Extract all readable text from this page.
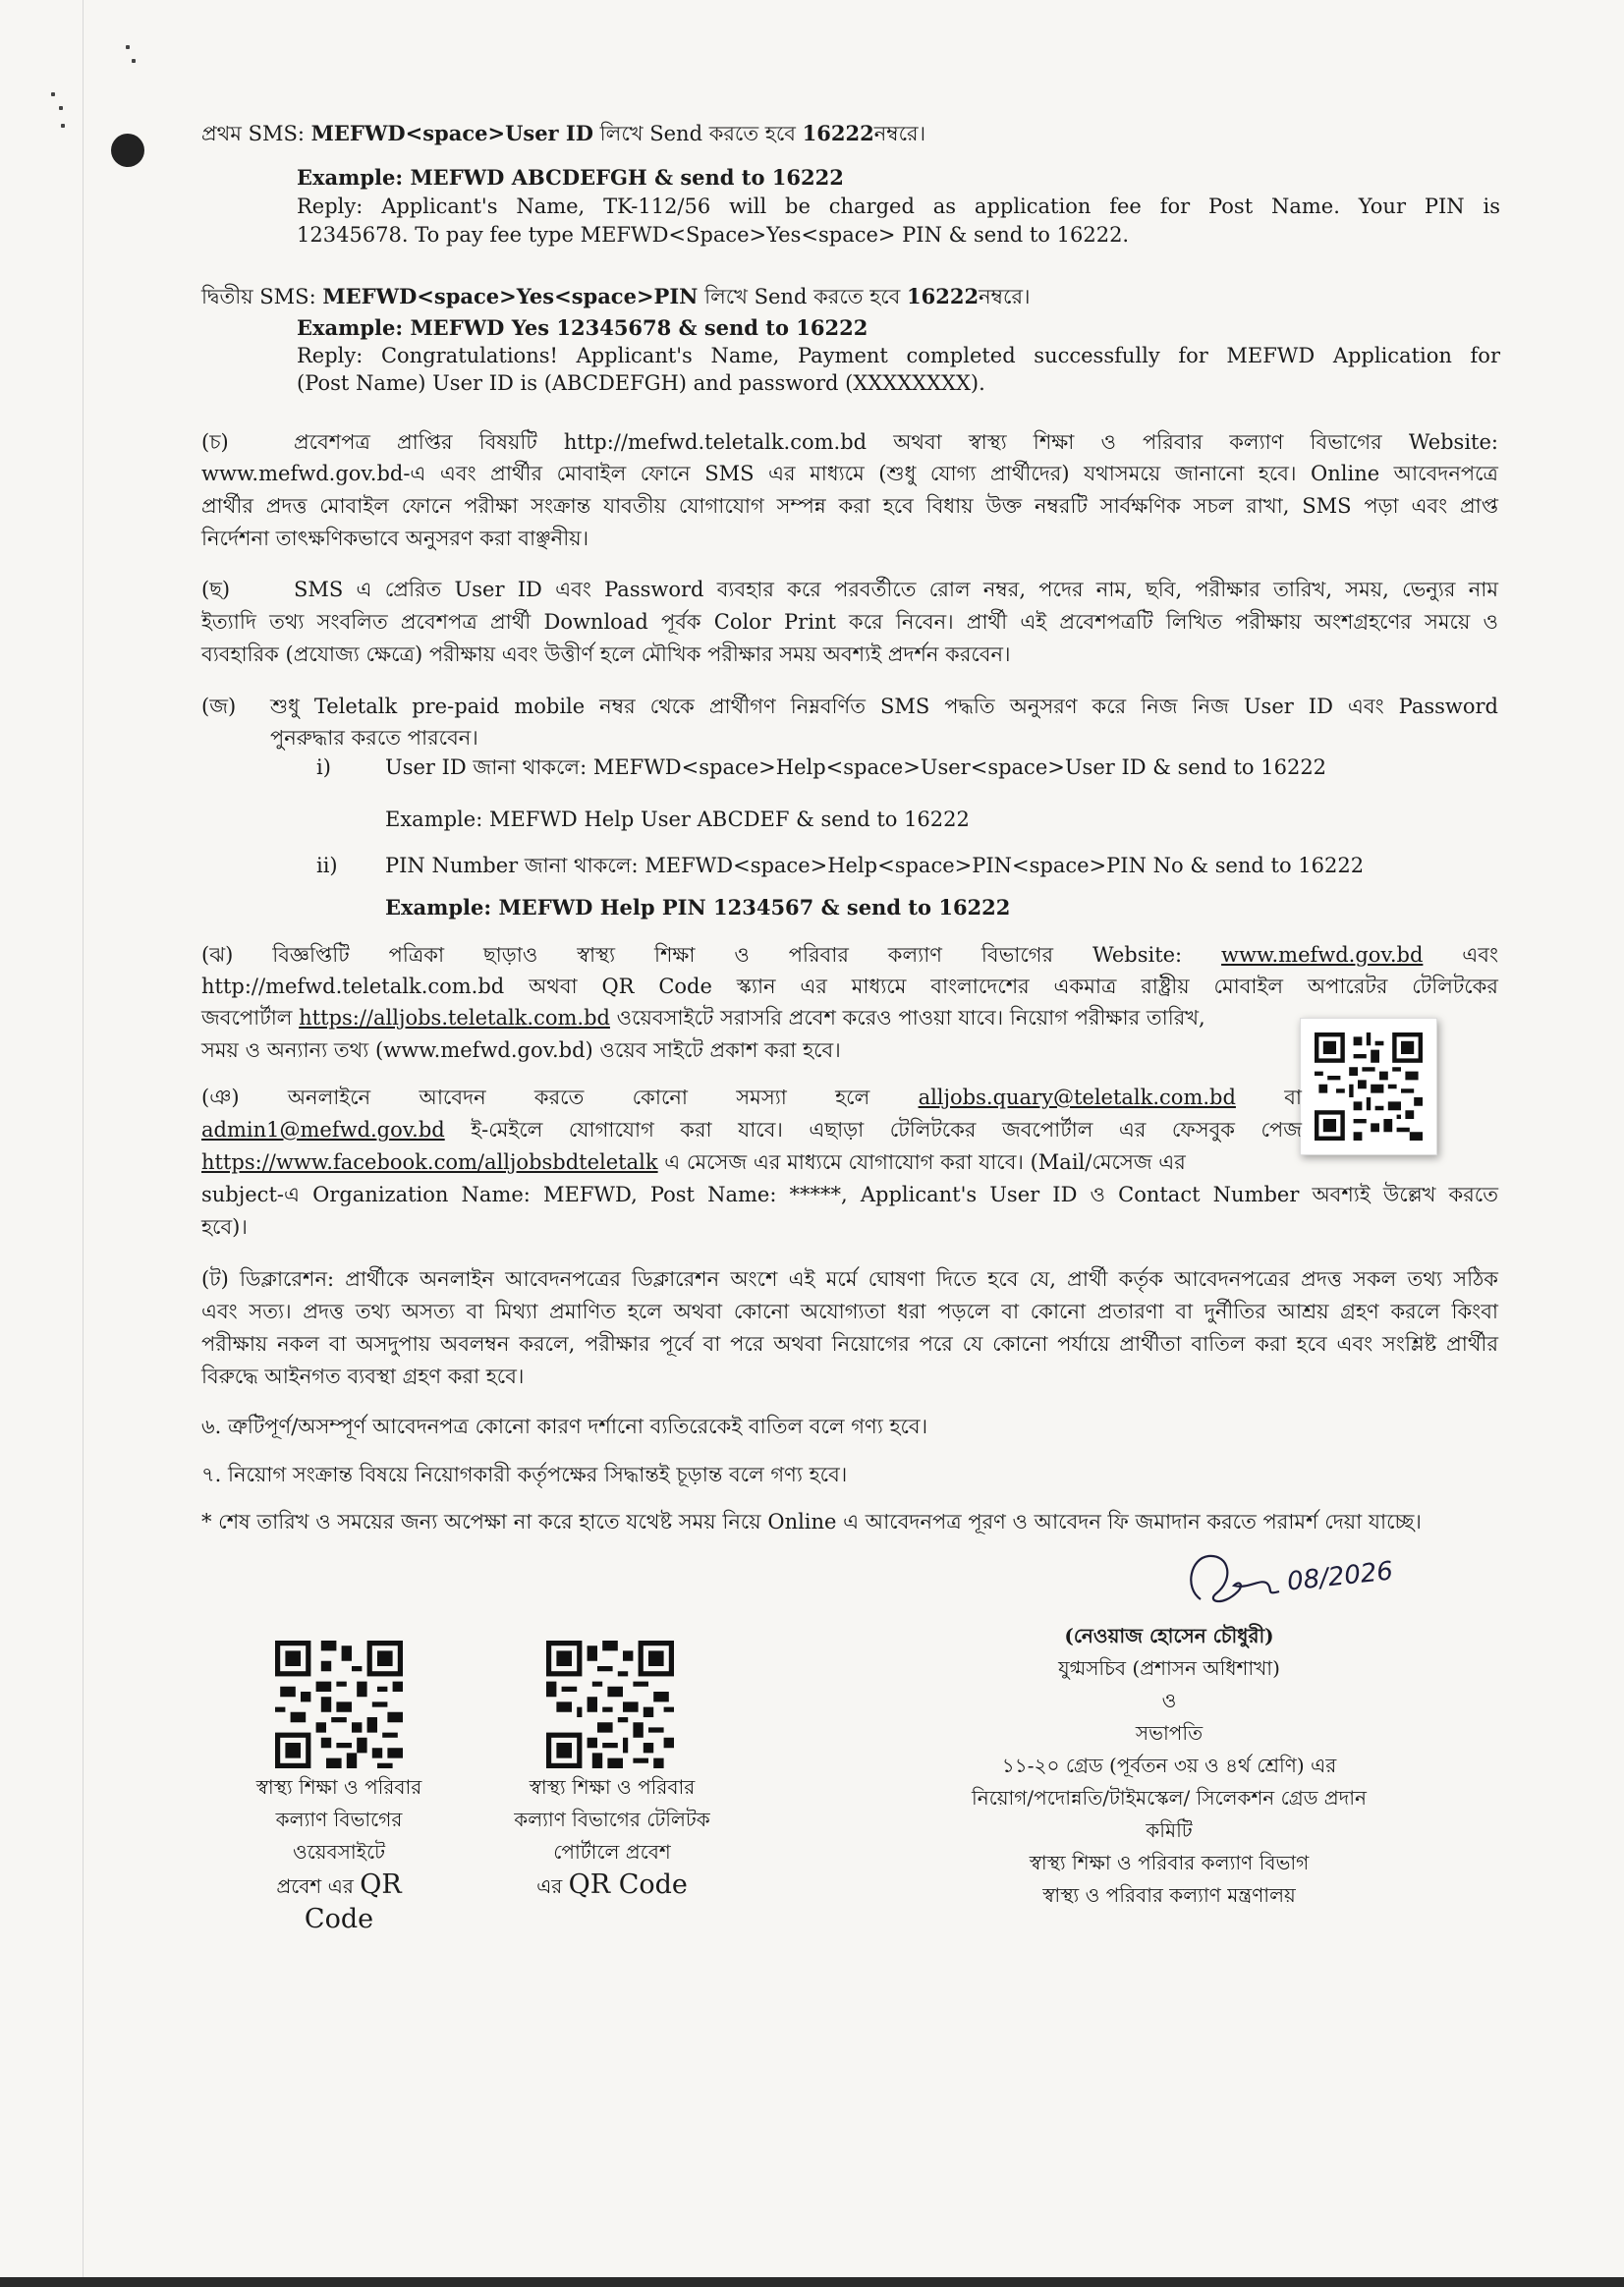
প্রথম SMS: MEFWD<space>User ID লিখে Send করতে হবে 16222নম্বরে।
Example: MEFWD ABCDEFGH & send to 16222
Reply: Applicant's Name, TK-112/56 will be charged as application fee for Post Name. Your PIN is
12345678. To pay fee type MEFWD<Space>Yes<space> PIN & send to 16222.
দ্বিতীয় SMS: MEFWD<space>Yes<space>PIN লিখে Send করতে হবে 16222নম্বরে।
Example: MEFWD Yes 12345678 & send to 16222
Reply: Congratulations! Applicant's Name, Payment completed successfully for MEFWD Application for
(Post Name) User ID is (ABCDEFGH) and password (XXXXXXXX).
(চ)	প্রবেশপত্র প্রাপ্তির বিষয়টি http://mefwd.teletalk.com.bd অথবা স্বাস্থ্য শিক্ষা ও পরিবার কল্যাণ বিভাগের Website:
www.mefwd.gov.bd-এ এবং প্রার্থীর মোবাইল ফোনে SMS এর মাধ্যমে (শুধু যোগ্য প্রার্থীদের) যথাসময়ে জানানো হবে। Online আবেদনপত্রে
প্রার্থীর প্রদত্ত মোবাইল ফোনে পরীক্ষা সংক্রান্ত যাবতীয় যোগাযোগ সম্পন্ন করা হবে বিধায় উক্ত নম্বরটি সার্বক্ষণিক সচল রাখা, SMS পড়া এবং প্রাপ্ত
নির্দেশনা তাৎক্ষণিকভাবে অনুসরণ করা বাঞ্ছনীয়।
(ছ)	SMS এ প্রেরিত User ID এবং Password ব্যবহার করে পরবর্তীতে রোল নম্বর, পদের নাম, ছবি, পরীক্ষার তারিখ, সময়, ভেন্যুর নাম
ইত্যাদি তথ্য সংবলিত প্রবেশপত্র প্রার্থী Download পূর্বক Color Print করে নিবেন। প্রার্থী এই প্রবেশপত্রটি লিখিত পরীক্ষায় অংশগ্রহণের সময়ে ও
ব্যবহারিক (প্রযোজ্য ক্ষেত্রে) পরীক্ষায় এবং উত্তীর্ণ হলে মৌখিক পরীক্ষার সময় অবশ্যই প্রদর্শন করবেন।
(জ) শুধু Teletalk pre-paid mobile নম্বর থেকে প্রার্থীগণ নিম্নবর্ণিত SMS পদ্ধতি অনুসরণ করে নিজ নিজ User ID এবং Password
পুনরুদ্ধার করতে পারবেন।
i)	User ID জানা থাকলে: MEFWD<space>Help<space>User<space>User ID & send to 16222
Example: MEFWD Help User ABCDEF & send to 16222
ii) PIN Number জানা থাকলে: MEFWD<space>Help<space>PIN<space>PIN No & send to 16222
Example: MEFWD Help PIN 1234567 & send to 16222
(ঝ) বিজ্ঞপ্তিটি পত্রিকা ছাড়াও স্বাস্থ্য শিক্ষা ও পরিবার কল্যাণ বিভাগের Website: www.mefwd.gov.bd এবং
http://mefwd.teletalk.com.bd অথবা QR Code স্ক্যান এর মাধ্যমে বাংলাদেশের একমাত্র রাষ্ট্রীয় মোবাইল অপারেটর টেলিটকের
জবপোর্টাল https://alljobs.teletalk.com.bd ওয়েবসাইটে সরাসরি প্রবেশ করেও পাওয়া যাবে। নিয়োগ পরীক্ষার তারিখ,
সময় ও অন্যান্য তথ্য (www.mefwd.gov.bd) ওয়েব সাইটে প্রকাশ করা হবে।
(ঞ) অনলাইনে আবেদন করতে কোনো সমস্যা হলে alljobs.quary@teletalk.com.bd বা
admin1@mefwd.gov.bd ই-মেইলে যোগাযোগ করা যাবে। এছাড়া টেলিটকের জবপোর্টাল এর ফেসবুক পেজ
https://www.facebook.com/alljobsbdteletalk এ মেসেজ এর মাধ্যমে যোগাযোগ করা যাবে। (Mail/মেসেজ এর
subject-এ Organization Name: MEFWD, Post Name: *****, Applicant's User ID ও Contact Number অবশ্যই উল্লেখ করতে
হবে)।
(ট) ডিক্লারেশন: প্রার্থীকে অনলাইন আবেদনপত্রের ডিক্লারেশন অংশে এই মর্মে ঘোষণা দিতে হবে যে, প্রার্থী কর্তৃক আবেদনপত্রের প্রদত্ত সকল তথ্য সঠিক
এবং সত্য। প্রদত্ত তথ্য অসত্য বা মিথ্যা প্রমাণিত হলে অথবা কোনো অযোগ্যতা ধরা পড়লে বা কোনো প্রতারণা বা দুর্নীতির আশ্রয় গ্রহণ করলে কিংবা
পরীক্ষায় নকল বা অসদুপায় অবলম্বন করলে, পরীক্ষার পূর্বে বা পরে অথবা নিয়োগের পরে যে কোনো পর্যায়ে প্রার্থীতা বাতিল করা হবে এবং সংশ্লিষ্ট প্রার্থীর
বিরুদ্ধে আইনগত ব্যবস্থা গ্রহণ করা হবে।
৬. ত্রুটিপূর্ণ/অসম্পূর্ণ আবেদনপত্র কোনো কারণ দর্শানো ব্যতিরেকেই বাতিল বলে গণ্য হবে।
৭. নিয়োগ সংক্রান্ত বিষয়ে নিয়োগকারী কর্তৃপক্ষের সিদ্ধান্তই চূড়ান্ত বলে গণ্য হবে।
* শেষ তারিখ ও সময়ের জন্য অপেক্ষা না করে হাতে যথেষ্ট সময় নিয়ে Online এ আবেদনপত্র পূরণ ও আবেদন ফি জমাদান করতে পরামর্শ দেয়া যাচ্ছে।
08/2026
(নেওয়াজ হোসেন চৌধুরী)
যুগ্মসচিব (প্রশাসন অধিশাখা)
ও
সভাপতি
১১-২০ গ্রেড (পূর্বতন ৩য় ও ৪র্থ শ্রেণি) এর
নিয়োগ/পদোন্নতি/টাইমস্কেল/ সিলেকশন গ্রেড প্রদান
কমিটি
স্বাস্থ্য শিক্ষা ও পরিবার কল্যাণ বিভাগ
স্বাস্থ্য ও পরিবার কল্যাণ মন্ত্রণালয়
স্বাস্থ্য শিক্ষা ও পরিবার
কল্যাণ বিভাগের
ওয়েবসাইটে
প্রবেশ এর QR
Code
স্বাস্থ্য শিক্ষা ও পরিবার
কল্যাণ বিভাগের টেলিটক
পোর্টালে প্রবেশ
এর QR Code
